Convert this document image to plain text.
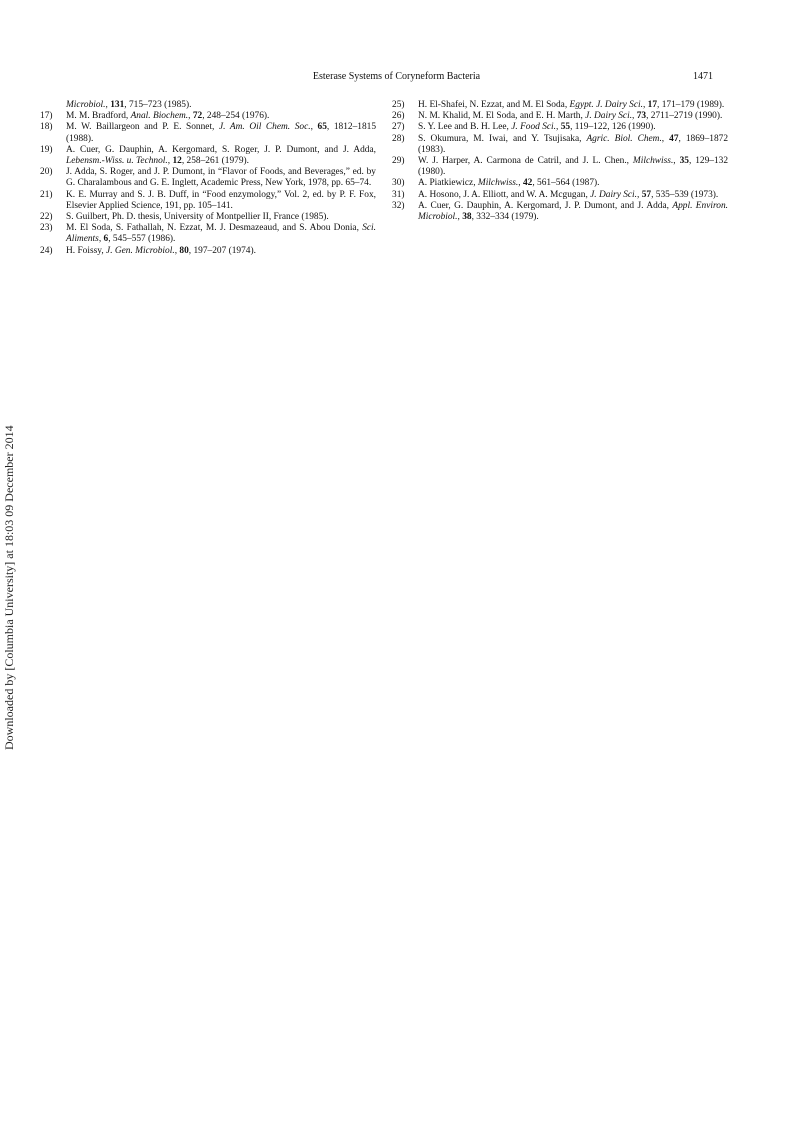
Esterase Systems of Coryneform Bacteria	1471
Microbiol., 131, 715–723 (1985).
17)	M. M. Bradford, Anal. Biochem., 72, 248–254 (1976).
18)	M. W. Baillargeon and P. E. Sonnet, J. Am. Oil Chem. Soc., 65, 1812–1815 (1988).
19)	A. Cuer, G. Dauphin, A. Kergomard, S. Roger, J. P. Dumont, and J. Adda, Lebensm.-Wiss. u. Technol., 12, 258–261 (1979).
20)	J. Adda, S. Roger, and J. P. Dumont, in “Flavor of Foods, and Beverages,” ed. by G. Charalambous and G. E. Inglett, Academic Press, New York, 1978, pp. 65–74.
21)	K. E. Murray and S. J. B. Duff, in “Food enzymology,” Vol. 2, ed. by P. F. Fox, Elsevier Applied Science, 191, pp. 105–141.
22)	S. Guilbert, Ph. D. thesis, University of Montpellier II, France (1985).
23)	M. El Soda, S. Fathallah, N. Ezzat, M. J. Desmazeaud, and S. Abou Donia, Sci. Aliments, 6, 545–557 (1986).
24)	H. Foissy, J. Gen. Microbiol., 80, 197–207 (1974).
25)	H. El-Shafei, N. Ezzat, and M. El Soda, Egypt. J. Dairy Sci., 17, 171–179 (1989).
26)	N. M. Khalid, M. El Soda, and E. H. Marth, J. Dairy Sci., 73, 2711–2719 (1990).
27)	S. Y. Lee and B. H. Lee, J. Food Sci., 55, 119–122, 126 (1990).
28)	S. Okumura, M. Iwai, and Y. Tsujisaka, Agric. Biol. Chem., 47, 1869–1872 (1983).
29)	W. J. Harper, A. Carmona de Catril, and J. L. Chen., Milchwiss., 35, 129–132 (1980).
30)	A. Piatkiewicz, Milchwiss., 42, 561–564 (1987).
31)	A. Hosono, J. A. Elliott, and W. A. Mcgugan, J. Dairy Sci., 57, 535–539 (1973).
32)	A. Cuer, G. Dauphin, A. Kergomard, J. P. Dumont, and J. Adda, Appl. Environ. Microbiol., 38, 332–334 (1979).
Downloaded by [Columbia University] at 18:03 09 December 2014
